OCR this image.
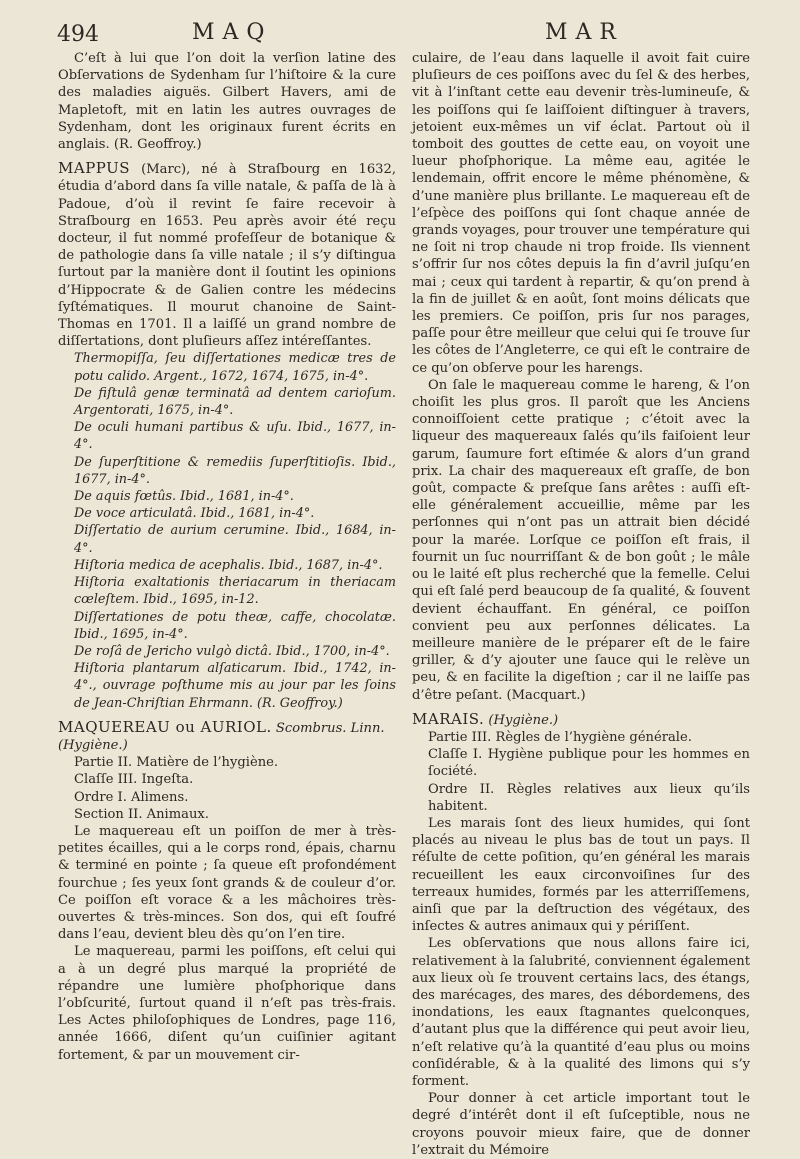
494	MAQ	MAR

C’eſt à lui que l’on doit la verſion latine des Obſervations de Sydenham ſur l’hiſtoire & la cure des maladies aiguës. Gilbert Havers, ami de Mapletoft, mit en latin les autres ouvrages de Sydenham, dont les originaux furent écrits en anglais. (R. Geoffroy.)

MAPPUS (Marc), né à Straſbourg en 1632, étudia d’abord dans ſa ville natale, & paſſa de là à Padoue, d’où il revint ſe faire recevoir à Straſbourg en 1653. Peu après avoir été reçu docteur, il fut nommé profeſſeur de botanique & de pathologie dans ſa ville natale ; il s’y diſtingua ſurtout par la manière dont il ſoutint les opinions d’Hippocrate & de Galien contre les médecins ſyſtématiques. Il mourut chanoine de Saint-Thomas en 1701. Il a laiſſé un grand nombre de diſſertations, dont pluſieurs aſſez intéreſſantes.

Thermopiſſa, ſeu diſſertationes medicæ tres de potu calido. Argent., 1672, 1674, 1675, in-4°.

De fiſtulâ genæ terminatâ ad dentem carioſum. Argentorati, 1675, in-4°.

De oculi humani partibus & uſu. Ibid., 1677, in-4°.

De ſuperſtitione & remediis ſuperſtitioſis. Ibid., 1677, in-4°.

De aquis fœtûs. Ibid., 1681, in-4°.

De voce articulatâ. Ibid., 1681, in-4°.

Diſſertatio de aurium cerumine. Ibid., 1684, in-4°.

Hiſtoria medica de acephalis. Ibid., 1687, in-4°.

Hiſtoria exaltationis theriacarum in theriacam cœleſtem. Ibid., 1695, in-12.

Diſſertationes de potu theæ, caffe, chocolatæ. Ibid., 1695, in-4°.

De roſâ de Jericho vulgò dictâ. Ibid., 1700, in-4°.

Hiſtoria plantarum alſaticarum. Ibid., 1742, in-4°., ouvrage poſthume mis au jour par les ſoins de Jean-Chriſtian Ehrmann. (R. Geoffroy.)

MAQUEREAU ou AURIOL. Scombrus. Linn.

(Hygiène.)

Partie II. Matière de l’hygiène.

Claſſe III. Ingeſta.

Ordre I. Alimens.

Section II. Animaux.

Le maquereau eſt un poiſſon de mer à très-petites écailles, qui a le corps rond, épais, charnu & terminé en pointe ; ſa queue eſt profondément fourchue ; ſes yeux ſont grands & de couleur d’or. Ce poiſſon eſt vorace & a les mâchoires très-ouvertes & très-minces. Son dos, qui eſt ſoufré dans l’eau, devient bleu dès qu’on l’en tire.

Le maquereau, parmi les poiſſons, eſt celui qui a à un degré plus marqué la propriété de répandre une lumière phoſphorique dans l’obſcurité, ſurtout quand il n’eſt pas très-frais. Les Actes philoſophiques de Londres, page 116, année 1666, diſent qu’un cuiſinier agitant fortement, & par un mouvement cir-

culaire, de l’eau dans laquelle il avoit fait cuire pluſieurs de ces poiſſons avec du ſel & des herbes, vit à l’inſtant cette eau devenir très-lumineuſe, & les poiſſons qui ſe laiſſoient diſtinguer à travers, jetoient eux-mêmes un vif éclat. Partout où il tomboit des gouttes de cette eau, on voyoit une lueur phoſphorique. La même eau, agitée le lendemain, offrit encore le même phénomène, & d’une manière plus brillante. Le maquereau eſt de l’eſpèce des poiſſons qui ſont chaque année de grands voyages, pour trouver une température qui ne ſoit ni trop chaude ni trop froide. Ils viennent s’offrir ſur nos côtes depuis la fin d’avril juſqu’en mai ; ceux qui tardent à repartir, & qu’on prend à la fin de juillet & en août, ſont moins délicats que les premiers. Ce poiſſon, pris ſur nos parages, paſſe pour être meilleur que celui qui ſe trouve ſur les côtes de l’Angleterre, ce qui eſt le contraire de ce qu’on obſerve pour les harengs.

On ſale le maquereau comme le hareng, & l’on choiſit les plus gros. Il paroît que les Anciens connoiſſoient cette pratique ; c’étoit avec la liqueur des maquereaux ſalés qu’ils faiſoient leur garum, ſaumure fort eſtimée & alors d’un grand prix. La chair des maquereaux eſt graſſe, de bon goût, compacte & preſque ſans arêtes : auſſi eſt-elle généralement accueillie, même par les perſonnes qui n’ont pas un attrait bien décidé pour la marée. Lorſque ce poiſſon eſt frais, il fournit un ſuc nourriſſant & de bon goût ; le mâle ou le laité eſt plus recherché que la femelle. Celui qui eſt ſalé perd beaucoup de ſa qualité, & ſouvent devient échauffant. En général, ce poiſſon convient peu aux perſonnes délicates. La meilleure manière de le préparer eſt de le faire griller, & d’y ajouter une ſauce qui le relève un peu, & en facilite la digeſtion ; car il ne laiſſe pas d’être peſant. (Macquart.)

MARAIS. (Hygiène.)

Partie III. Règles de l’hygiène générale.

Claſſe I. Hygiène publique pour les hommes en ſociété.

Ordre II. Règles relatives aux lieux qu’ils habitent.

Les marais ſont des lieux humides, qui ſont placés au niveau le plus bas de tout un pays. Il réſulte de cette poſition, qu’en général les marais recueillent les eaux circonvoiſines ſur des terreaux humides, formés par les atterriſſemens, ainſi que par la deſtruction des végétaux, des inſectes & autres animaux qui y périſſent.

Les obſervations que nous allons faire ici, relativement à la ſalubrité, conviennent également aux lieux où ſe trouvent certains lacs, des étangs, des marécages, des mares, des débordemens, des inondations, les eaux ſtagnantes quelconques, d’autant plus que la différence qui peut avoir lieu, n’eſt relative qu’à la quantité d’eau plus ou moins conſidérable, & à la qualité des limons qui s’y forment.

Pour donner à cet article important tout le degré d’intérêt dont il eſt ſuſceptible, nous ne croyons pouvoir mieux faire, que de donner l’extrait du Mémoire
